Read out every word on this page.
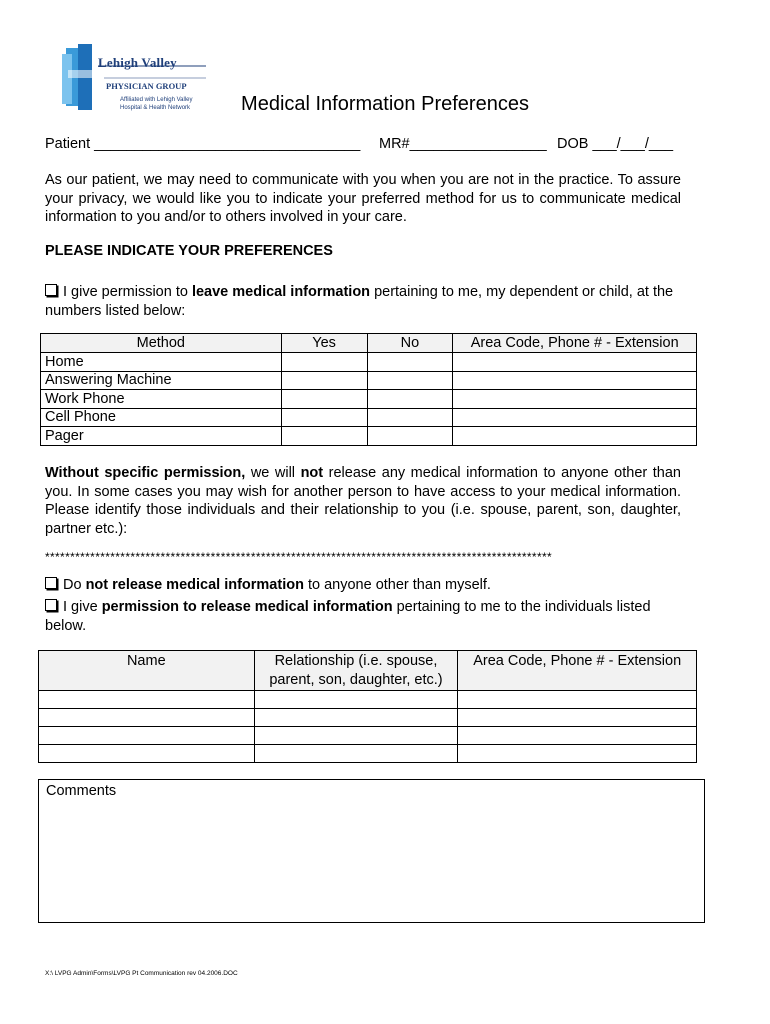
Lehigh Valley
PHYSICIAN GROUP
Affiliated with Lehigh Valley Hospital & Health Network	Medical Information Preferences
Patient _________________________________ MR#_________________ DOB ___/___/___
As our patient, we may need to communicate with you when you are not in the practice. To assure your privacy, we would like you to indicate your preferred method for us to communicate medical information to you and/or to others involved in your care.
PLEASE INDICATE YOUR PREFERENCES
I give permission to leave medical information pertaining to me, my dependent or child, at the numbers listed below:
Method	Yes	No	Area Code, Phone # - Extension
Home			
Answering Machine			
Work Phone			
Cell Phone			
Pager			
Without specific permission, we will not release any medical information to anyone other than you. In some cases you may wish for another person to have access to your medical information. Please identify those individuals and their relationship to you (i.e. spouse, parent, son, daughter, partner etc.):
*****************************************************************************************************
Do not release medical information to anyone other than myself.
I give permission to release medical information pertaining to me to the individuals listed below.
Name	Relationship (i.e. spouse, parent, son, daughter, etc.)	Area Code, Phone # - Extension

Comments
X:\ LVPG Admin\Forms\LVPG Pt Communication rev 04.2006.DOC
